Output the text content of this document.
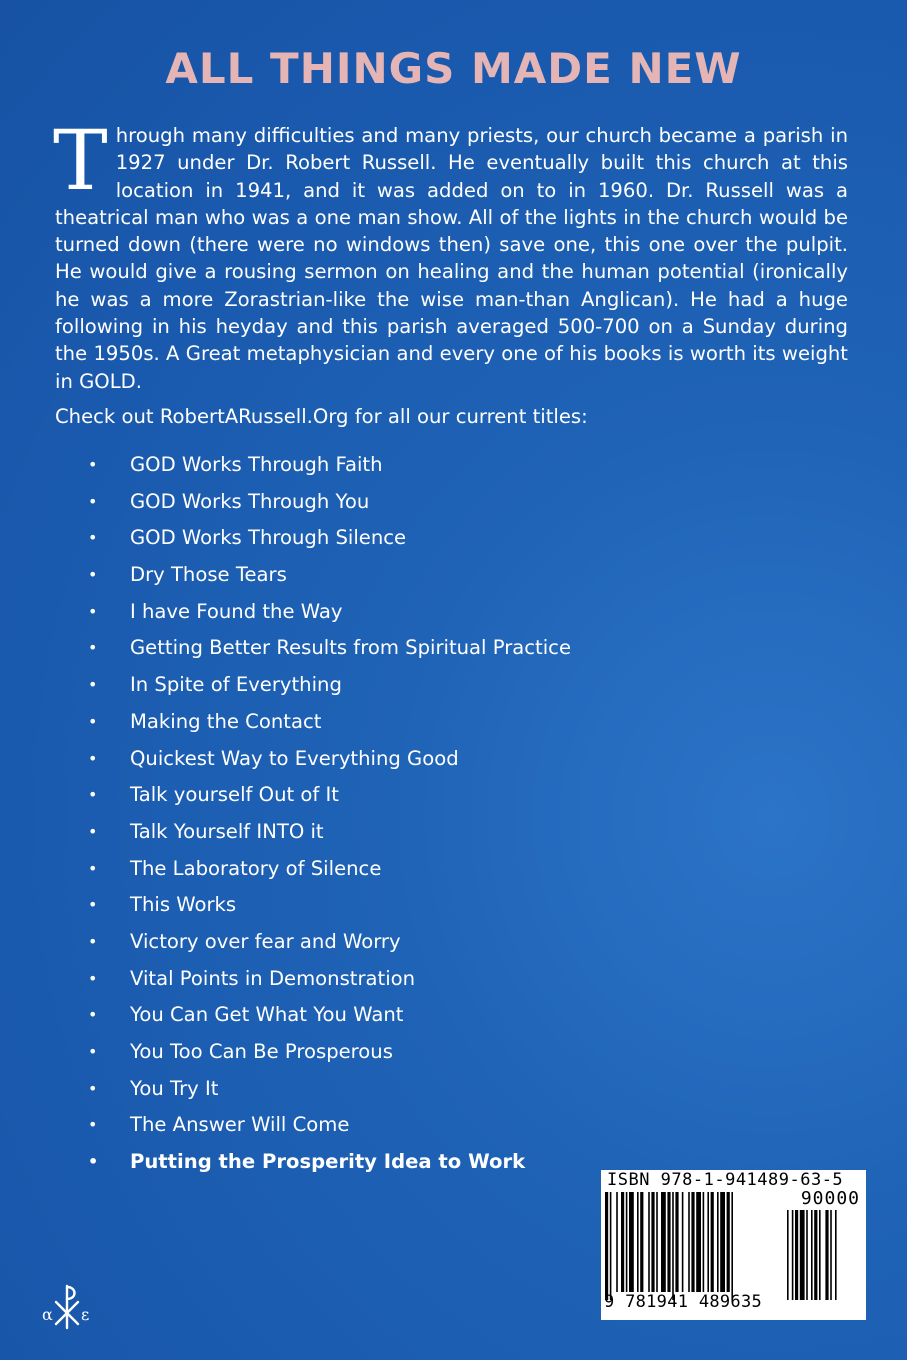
ALL THINGS MADE NEW

Through many difficulties and many priests, our church became a parish in 1927 under Dr. Robert Russell. He eventually built this church at this location in 1941, and it was added on to in 1960. Dr. Russell was a theatrical man who was a one man show. All of the lights in the church would be turned down (there were no windows then) save one, this one over the pulpit. He would give a rousing sermon on healing and the human potential (ironically he was a more Zorastrian-like the wise man-than Anglican). He had a huge following in his heyday and this parish averaged 500-700 on a Sunday during the 1950s. A Great metaphysician and every one of his books is worth its weight in GOLD.

Check out RobertARussell.Org for all our current titles:

• GOD Works Through Faith
• GOD Works Through You
• GOD Works Through Silence
• Dry Those Tears
• I have Found the Way
• Getting Better Results from Spiritual Practice
• In Spite of Everything
• Making the Contact
• Quickest Way to Everything Good
• Talk yourself Out of It
• Talk Yourself INTO it
• The Laboratory of Silence
• This Works
• Victory over fear and Worry
• Vital Points in Demonstration
• You Can Get What You Want
• You Too Can Be Prosperous
• You Try It
• The Answer Will Come
• Putting the Prosperity Idea to Work
α ε
ISBN 978-1-941489-63-5
90000
9 781941 489635
